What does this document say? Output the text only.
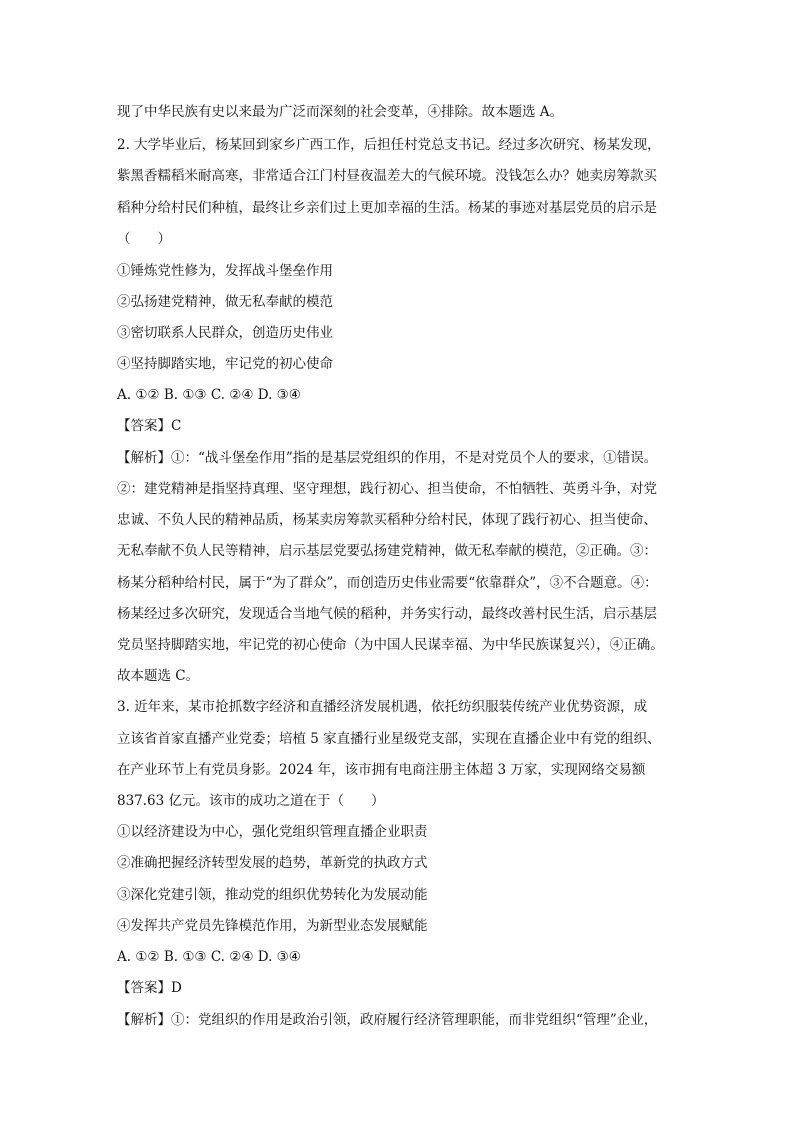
现了中华民族有史以来最为广泛而深刻的社会变革，④排除。故本题选 A。
2. 大学毕业后，杨某回到家乡广西工作，后担任村党总支书记。经过多次研究、杨某发现，
紫黑香糯稻米耐高寒，非常适合江门村昼夜温差大的气候环境。没钱怎么办？她卖房筹款买
稻种分给村民们种植，最终让乡亲们过上更加幸福的生活。杨某的事迹对基层党员的启示是
（　　）
①锤炼党性修为，发挥战斗堡垒作用
②弘扬建党精神，做无私奉献的模范
③密切联系人民群众，创造历史伟业
④坚持脚踏实地，牢记党的初心使命
A. ①② B. ①③ C. ②④ D. ③④
【答案】C
【解析】①：“战斗堡垒作用”指的是基层党组织的作用，不是对党员个人的要求，①错误。
②：建党精神是指坚持真理、坚守理想，践行初心、担当使命，不怕牺牲、英勇斗争，对党
忠诚、不负人民的精神品质，杨某卖房筹款买稻种分给村民，体现了践行初心、担当使命、
无私奉献不负人民等精神，启示基层党要弘扬建党精神，做无私奉献的模范，②正确。③：
杨某分稻种给村民，属于“为了群众”，而创造历史伟业需要“依靠群众”，③不合题意。④：
杨某经过多次研究，发现适合当地气候的稻种，并务实行动，最终改善村民生活，启示基层
党员坚持脚踏实地，牢记党的初心使命（为中国人民谋幸福、为中华民族谋复兴），④正确。
故本题选 C。
3. 近年来，某市抢抓数字经济和直播经济发展机遇，依托纺织服装传统产业优势资源，成
立该省首家直播产业党委；培植 5 家直播行业星级党支部，实现在直播企业中有党的组织、
在产业环节上有党员身影。2024 年，该市拥有电商注册主体超 3 万家，实现网络交易额
837.63 亿元。该市的成功之道在于（　　）
①以经济建设为中心，强化党组织管理直播企业职责
②准确把握经济转型发展的趋势，革新党的执政方式
③深化党建引领，推动党的组织优势转化为发展动能
④发挥共产党员先锋模范作用，为新型业态发展赋能
A. ①② B. ①③ C. ②④ D. ③④
【答案】D
【解析】①：党组织的作用是政治引领，政府履行经济管理职能，而非党组织“管理”企业，
